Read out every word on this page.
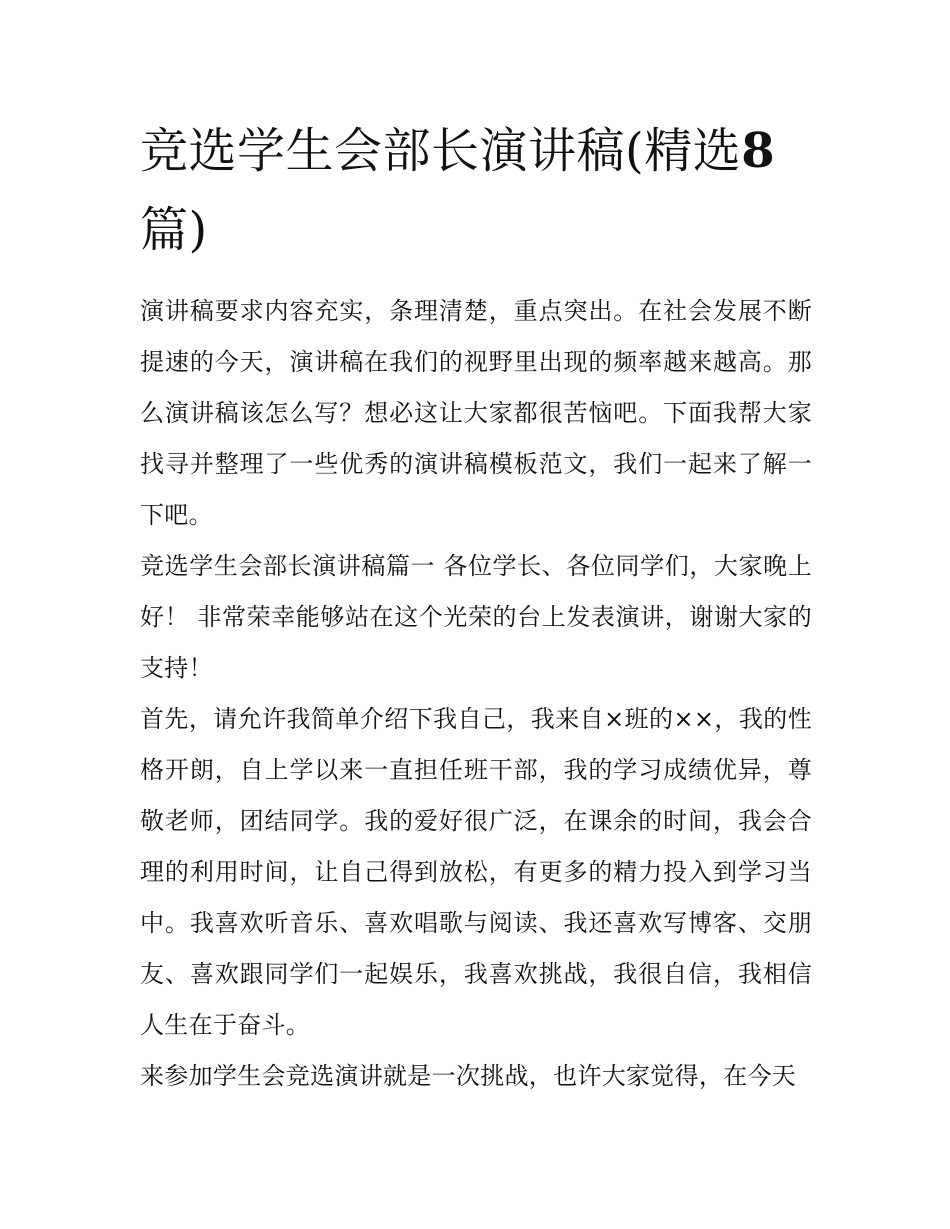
竞选学生会部长演讲稿(精选8
篇)

演讲稿要求内容充实，条理清楚，重点突出。在社会发展不断提速的今天，演讲稿在我们的视野里出现的频率越来越高。那么演讲稿该怎么写？想必这让大家都很苦恼吧。下面我帮大家找寻并整理了一些优秀的演讲稿模板范文，我们一起来了解一下吧。

竞选学生会部长演讲稿篇一 各位学长、各位同学们，大家晚上好！ 非常荣幸能够站在这个光荣的台上发表演讲，谢谢大家的支持！

首先，请允许我简单介绍下我自己，我来自×班的××，我的性格开朗，自上学以来一直担任班干部，我的学习成绩优异，尊敬老师，团结同学。我的爱好很广泛，在课余的时间，我会合理的利用时间，让自己得到放松，有更多的精力投入到学习当中。我喜欢听音乐、喜欢唱歌与阅读、我还喜欢写博客、交朋友、喜欢跟同学们一起娱乐，我喜欢挑战，我很自信，我相信人生在于奋斗。

来参加学生会竞选演讲就是一次挑战，也许大家觉得，在今天
